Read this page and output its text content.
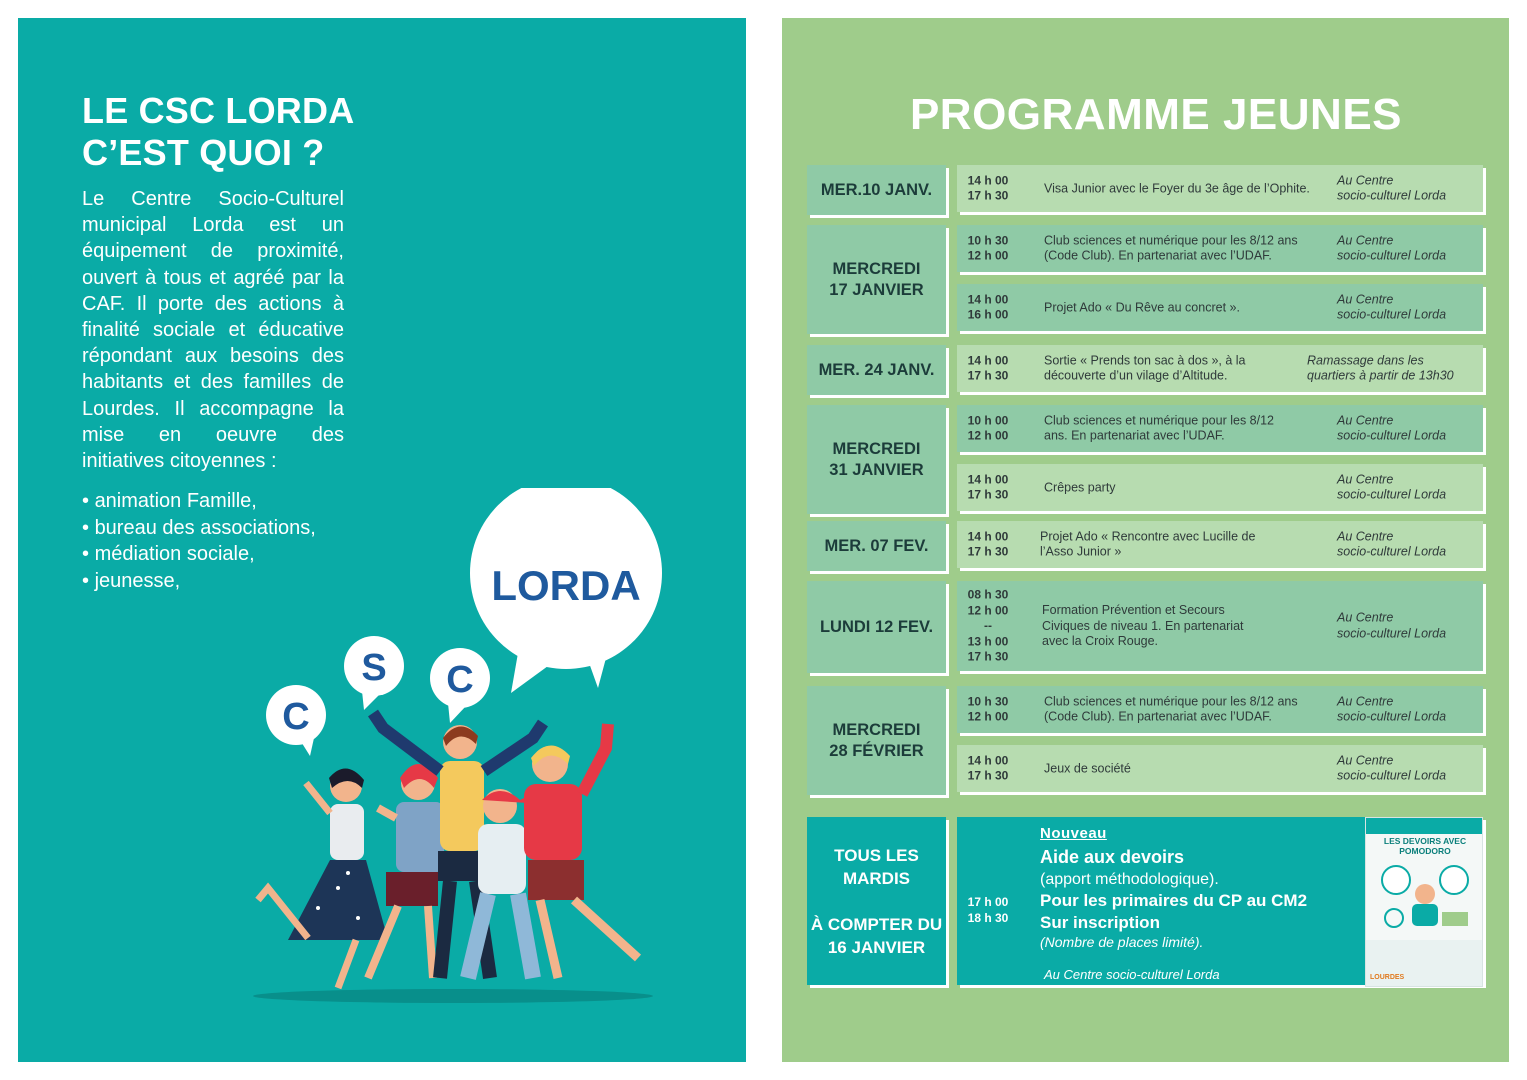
LE CSC LORDA
C’EST QUOI ?

Le Centre Socio-Culturel municipal Lorda est un équipement de proximité, ouvert à tous et agréé par la CAF. Il porte des actions à finalité sociale et éducative répondant aux besoins des habitants et des familles de Lourdes. Il accompagne la mise en oeuvre des initiatives citoyennes :

• animation Famille,
• bureau des associations,
• médiation sociale,
• jeunesse,	LORDA
C
S
C
PROGRAMME JEUNES
MER.10 JANV.
MERCREDI
17 JANVIER
MER. 24 JANV.
MERCREDI
31 JANVIER
MER. 07 FEV.
LUNDI 12 FEV.
MERCREDI
28 FÉVRIER
TOUS LES
MARDIS

À COMPTER DU
16 JANVIER
14 h 00
17 h 30
Visa Junior avec le Foyer du 3e âge de l’Ophite.
Au Centre
socio-culturel Lorda
10 h 30
12 h 00
Club sciences et numérique pour les 8/12 ans (Code Club). En partenariat avec l’UDAF.
Au Centre
socio-culturel Lorda
14 h 00
16 h 00
Projet Ado « Du Rêve au concret ».
Au Centre
socio-culturel Lorda
14 h 00
17 h 30
Sortie « Prends ton sac à dos », à la découverte d’un vilage d’Altitude.
Ramassage dans les
quartiers à partir de 13h30
10 h 00
12 h 00
Club sciences et numérique pour les 8/12 ans. En partenariat avec l’UDAF.
Au Centre
socio-culturel Lorda
14 h 00
17 h 30
Crêpes party
Au Centre
socio-culturel Lorda
14 h 00
17 h 30
Projet Ado « Rencontre avec Lucille de l’Asso Junior »
Au Centre
socio-culturel Lorda
08 h 30
12 h 00
--
13 h 00
17 h 30
Formation Prévention et Secours Civiques de niveau 1. En partenariat avec la Croix Rouge.
Au Centre
socio-culturel Lorda
10 h 30
12 h 00
Club sciences et numérique pour les 8/12 ans (Code Club). En partenariat avec l’UDAF.
Au Centre
socio-culturel Lorda
14 h 00
17 h 30
Jeux de société
Au Centre
socio-culturel Lorda
Nouveau
Aide aux devoirs
(apport méthodologique).
Pour les primaires du CP au CM2
Sur inscription
(Nombre de places limité).
17 h 00
18 h 30
Au Centre socio-culturel Lorda
LES DEVOIRS AVEC
POMODORO
LOURDES
